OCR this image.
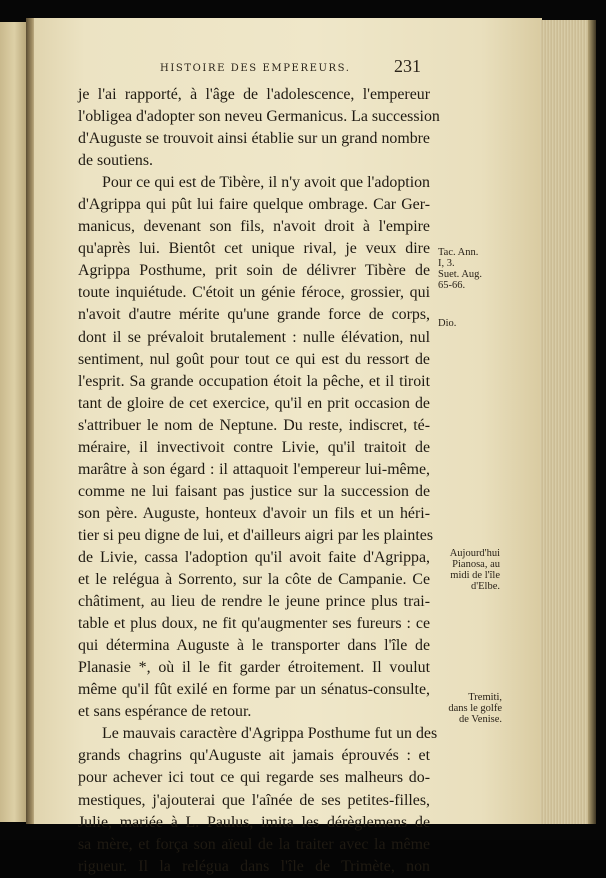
HISTOIRE DES EMPEREURS. 231
je l'ai rapporté, à l'âge de l'adolescence, l'empereur
l'obligea d'adopter son neveu Germanicus. La succession
d'Auguste se trouvoit ainsi établie sur un grand nombre
de soutiens.
Pour ce qui est de Tibère, il n'y avoit que l'adoption
d'Agrippa qui pût lui faire quelque ombrage. Car Ger-
manicus, devenant son fils, n'avoit droit à l'empire
qu'après lui. Bientôt cet unique rival, je veux dire
Agrippa Posthume, prit soin de délivrer Tibère de
toute inquiétude. C'étoit un génie féroce, grossier, qui
n'avoit d'autre mérite qu'une grande force de corps,
dont il se prévaloit brutalement : nulle élévation, nul
sentiment, nul goût pour tout ce qui est du ressort de
l'esprit. Sa grande occupation étoit la pêche, et il tiroit
tant de gloire de cet exercice, qu'il en prit occasion de
s'attribuer le nom de Neptune. Du reste, indiscret, té-
méraire, il invectivoit contre Livie, qu'il traitoit de
marâtre à son égard : il attaquoit l'empereur lui-même,
comme ne lui faisant pas justice sur la succession de
son père. Auguste, honteux d'avoir un fils et un héri-
tier si peu digne de lui, et d'ailleurs aigri par les plaintes
de Livie, cassa l'adoption qu'il avoit faite d'Agrippa,
et le relégua à Sorrento, sur la côte de Campanie. Ce
châtiment, au lieu de rendre le jeune prince plus trai-
table et plus doux, ne fit qu'augmenter ses fureurs : ce
qui détermina Auguste à le transporter dans l'île de
Planasie *, où il le fit garder étroitement. Il voulut
même qu'il fût exilé en forme par un sénatus-consulte,
et sans espérance de retour.
Le mauvais caractère d'Agrippa Posthume fut un des
grands chagrins qu'Auguste ait jamais éprouvés : et
pour achever ici tout ce qui regarde ses malheurs do-
mestiques, j'ajouterai que l'aînée de ses petites-filles,
Julie, mariée à L. Paulus, imita les dérèglemens de
sa mère, et força son aïeul de la traiter avec la même
rigueur. Il la relégua dans l'île de Trimète, non
Tac. Ann.
I, 3.
Suet. Aug.
65-66.
Dio.
Aujourd'hui
Pianosa, au
midi de l'île
d'Elbe.
Tremiti,
dans le golfe
de Venise.
